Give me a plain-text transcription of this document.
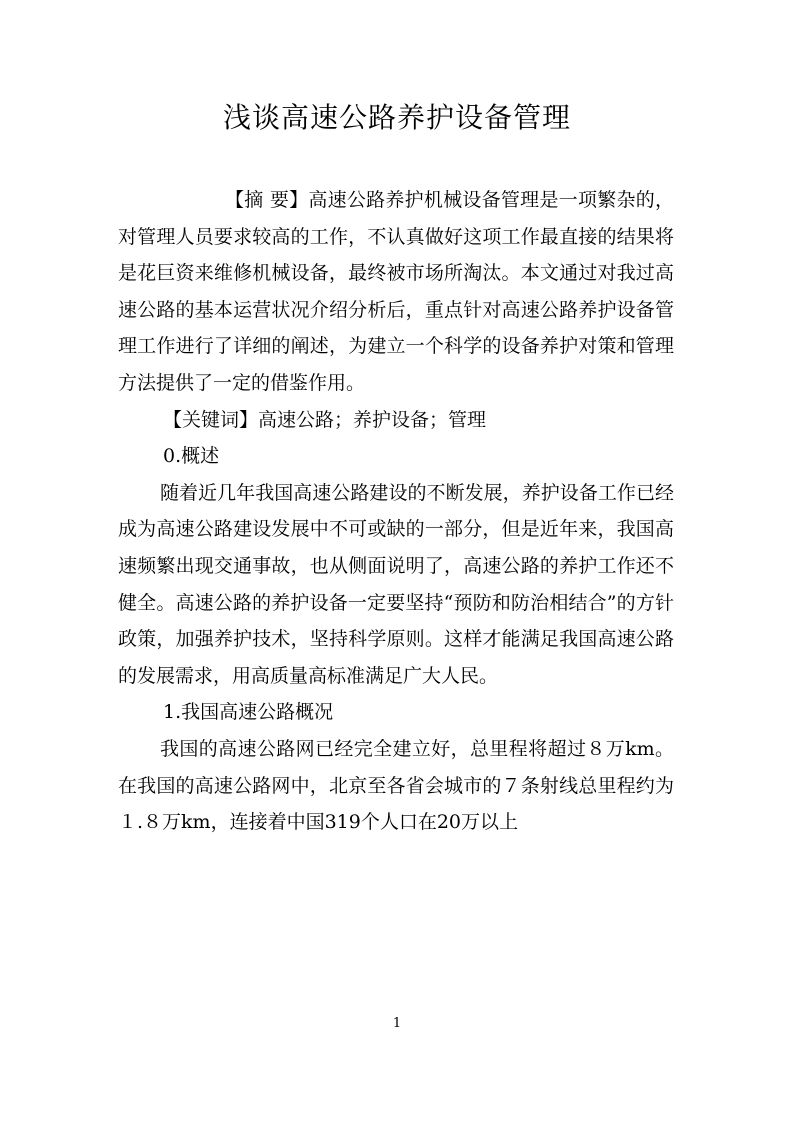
浅谈高速公路养护设备管理

【摘 要】高速公路养护机械设备管理是一项繁杂的，对管理人员要求较高的工作，不认真做好这项工作最直接的结果将是花巨资来维修机械设备，最终被市场所淘汰。本文通过对我过高速公路的基本运营状况介绍分析后，重点针对高速公路养护设备管理工作进行了详细的阐述，为建立一个科学的设备养护对策和管理方法提供了一定的借鉴作用。

【关键词】高速公路；养护设备；管理

0.概述

随着近几年我国高速公路建设的不断发展，养护设备工作已经成为高速公路建设发展中不可或缺的一部分，但是近年来，我国高速频繁出现交通事故，也从侧面说明了，高速公路的养护工作还不健全。高速公路的养护设备一定要坚持“预防和防治相结合”的方针政策，加强养护技术，坚持科学原则。这样才能满足我国高速公路的发展需求，用高质量高标准满足广大人民。

1.我国高速公路概况

我国的高速公路网已经完全建立好，总里程将超过８万km。在我国的高速公路网中，北京至各省会城市的７条射线总里程约为１.８万km，连接着中国319个人口在20万以上

1
